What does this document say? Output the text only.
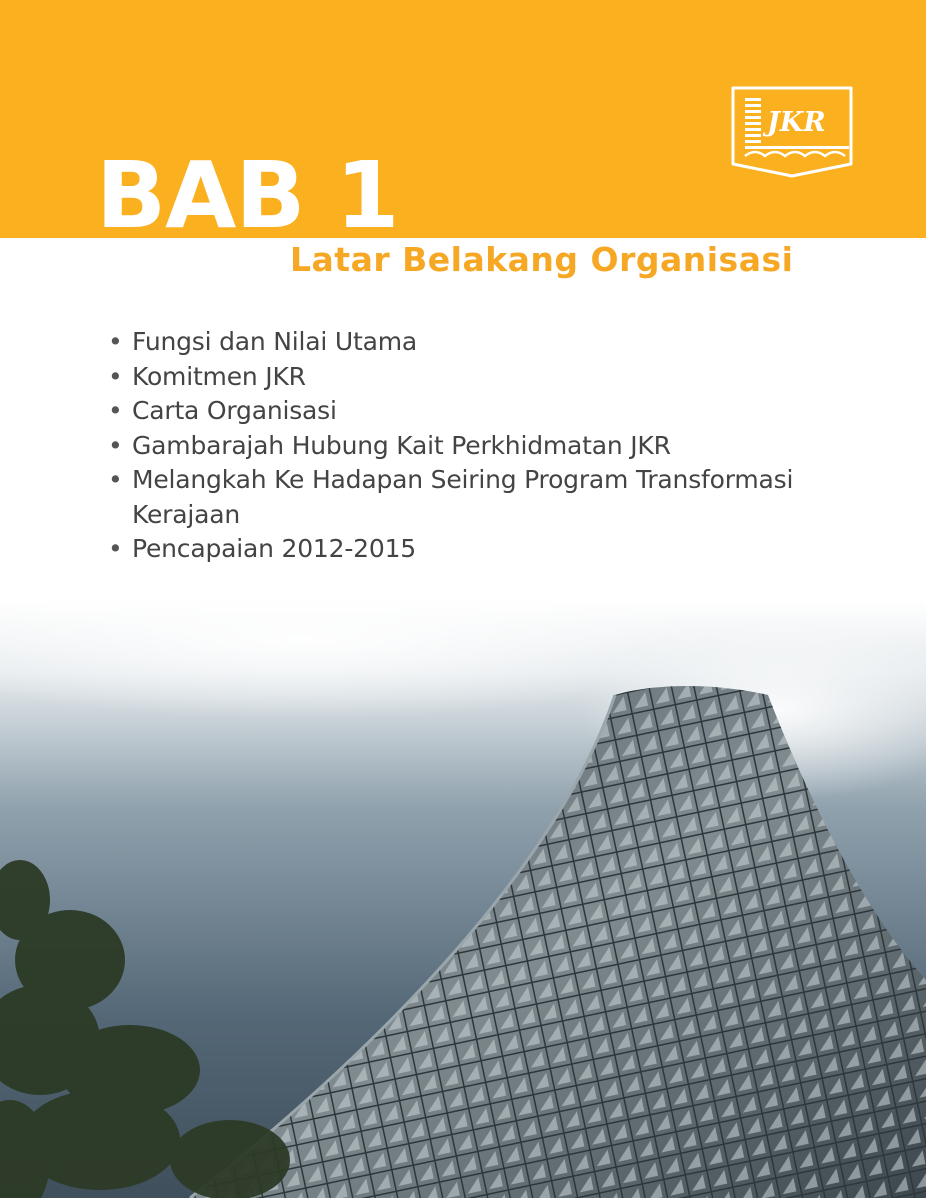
JKR
BAB 1
Latar Belakang Organisasi
• Fungsi dan Nilai Utama
• Komitmen JKR
• Carta Organisasi
• Gambarajah Hubung Kait Perkhidmatan JKR
• Melangkah Ke Hadapan Seiring Program Transformasi Kerajaan
• Pencapaian 2012-2015
